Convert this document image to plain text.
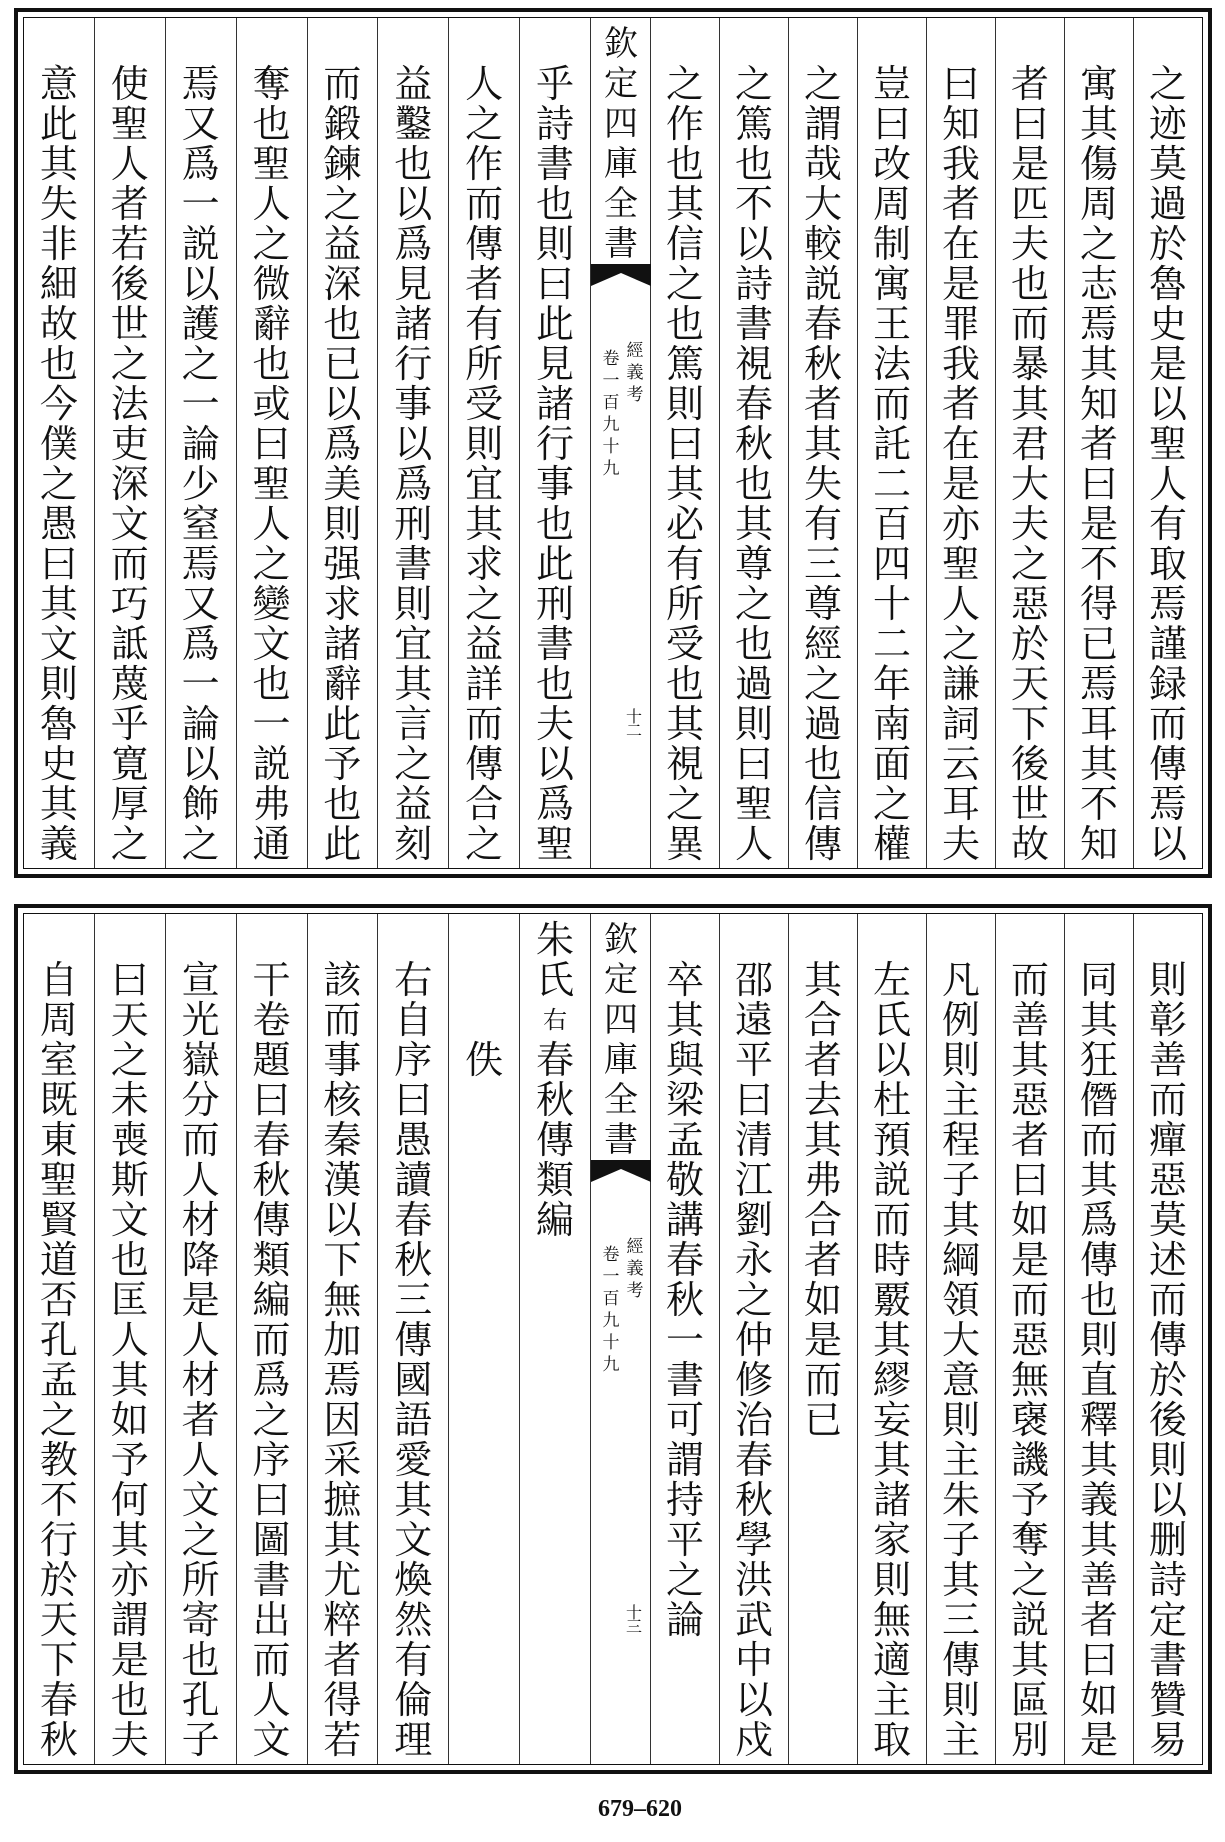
之
迹
莫
過
於
魯
史
是
以
聖
人
有
取
焉
謹
録
而
傳
焉
以
寓
其
傷
周
之
志
焉
其
知
者
曰
是
不
得
已
焉
耳
其
不
知
者
曰
是
匹
夫
也
而
暴
其
君
大
夫
之
惡
於
天
下
後
世
故
曰
知
我
者
在
是
罪
我
者
在
是
亦
聖
人
之
謙
詞
云
耳
夫
豈
曰
改
周
制
寓
王
法
而
託
二
百
四
十
二
年
南
面
之
權
之
謂
哉
大
較
説
春
秋
者
其
失
有
三
尊
經
之
過
也
信
傳
之
篤
也
不
以
詩
書
視
春
秋
也
其
尊
之
也
過
則
曰
聖
人
之
作
也
其
信
之
也
篤
則
曰
其
必
有
所
受
也
其
視
之
異
欽
定
四
庫
全
書
經
義
考
卷
一
百
九
十
九
十
二
乎
詩
書
也
則
曰
此
見
諸
行
事
也
此
刑
書
也
夫
以
爲
聖
人
之
作
而
傳
者
有
所
受
則
宜
其
求
之
益
詳
而
傳
合
之
益
鑿
也
以
爲
見
諸
行
事
以
爲
刑
書
則
宜
其
言
之
益
刻
而
鍛
鍊
之
益
深
也
已
以
爲
美
則
强
求
諸
辭
此
予
也
此
奪
也
聖
人
之
微
辭
也
或
曰
聖
人
之
變
文
也
一
説
弗
通
焉
又
爲
一
説
以
護
之
一
論
少
窒
焉
又
爲
一
論
以
飾
之
使
聖
人
者
若
後
世
之
法
吏
深
文
而
巧
詆
蔑
乎
寛
厚
之
意
此
其
失
非
細
故
也
今
僕
之
愚
曰
其
文
則
魯
史
其
義
則
彰
善
而
癉
惡
莫
述
而
傳
於
後
則
以
删
詩
定
書
贊
易
同
其
狂
僭
而
其
爲
傳
也
則
直
釋
其
義
其
善
者
曰
如
是
而
善
其
惡
者
曰
如
是
而
惡
無
襃
譏
予
奪
之
説
其
區
別
凡
例
則
主
程
子
其
綱
領
大
意
則
主
朱
子
其
三
傳
則
主
左
氏
以
杜
預
説
而
時
覈
其
繆
妄
其
諸
家
則
無
適
主
取
其
合
者
去
其
弗
合
者
如
是
而
已
邵
遠
平
曰
清
江
劉
永
之
仲
修
治
春
秋
學
洪
武
中
以
戍
卒
其
與
梁
孟
敬
講
春
秋
一
書
可
謂
持
平
之
論
欽
定
四
庫
全
書
經
義
考
卷
一
百
九
十
九
十
三
朱
氏
右
春
秋
傳
類
編
佚
右
自
序
曰
愚
讀
春
秋
三
傳
國
語
愛
其
文
煥
然
有
倫
理
該
而
事
核
秦
漢
以
下
無
加
焉
因
采
摭
其
尤
粹
者
得
若
干
卷
題
曰
春
秋
傳
類
編
而
爲
之
序
曰
圖
書
出
而
人
文
宣
光
嶽
分
而
人
材
降
是
人
材
者
人
文
之
所
寄
也
孔
子
曰
天
之
未
喪
斯
文
也
匡
人
其
如
予
何
其
亦
謂
是
也
夫
自
周
室
既
東
聖
賢
道
否
孔
孟
之
教
不
行
於
天
下
春
秋
679–620
